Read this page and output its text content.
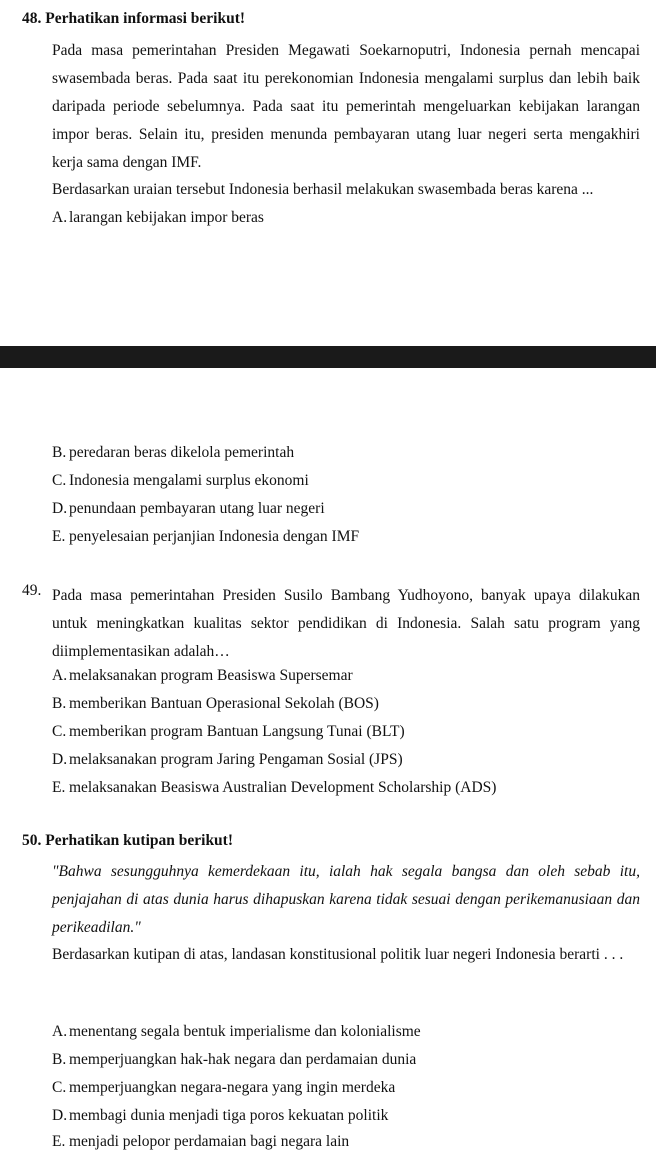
48. Perhatikan informasi berikut!
Pada masa pemerintahan Presiden Megawati Soekarnoputri, Indonesia pernah mencapai swasembada beras. Pada saat itu perekonomian Indonesia mengalami surplus dan lebih baik daripada periode sebelumnya. Pada saat itu pemerintah mengeluarkan kebijakan larangan impor beras. Selain itu, presiden menunda pembayaran utang luar negeri serta mengakhiri kerja sama dengan IMF.
Berdasarkan uraian tersebut Indonesia berhasil melakukan swasembada beras karena ...
A. larangan kebijakan impor beras
B. peredaran beras dikelola pemerintah
C. Indonesia mengalami surplus ekonomi
D. penundaan pembayaran utang luar negeri
E. penyelesaian perjanjian Indonesia dengan IMF
49. Pada masa pemerintahan Presiden Susilo Bambang Yudhoyono, banyak upaya dilakukan untuk meningkatkan kualitas sektor pendidikan di Indonesia. Salah satu program yang diimplementasikan adalah…
A. melaksanakan program Beasiswa Supersemar
B. memberikan Bantuan Operasional Sekolah (BOS)
C. memberikan program Bantuan Langsung Tunai (BLT)
D. melaksanakan program Jaring Pengaman Sosial (JPS)
E. melaksanakan Beasiswa Australian Development Scholarship (ADS)
50. Perhatikan kutipan berikut!
"Bahwa sesungguhnya kemerdekaan itu, ialah hak segala bangsa dan oleh sebab itu, penjajahan di atas dunia harus dihapuskan karena tidak sesuai dengan perikemanusiaan dan perikeadilan."
Berdasarkan kutipan di atas, landasan konstitusional politik luar negeri Indonesia berarti . . .
A. menentang segala bentuk imperialisme dan kolonialisme
B. memperjuangkan hak-hak negara dan perdamaian dunia
C. memperjuangkan negara-negara yang ingin merdeka
D. membagi dunia menjadi tiga poros kekuatan politik
E. menjadi pelopor perdamaian bagi negara lain
